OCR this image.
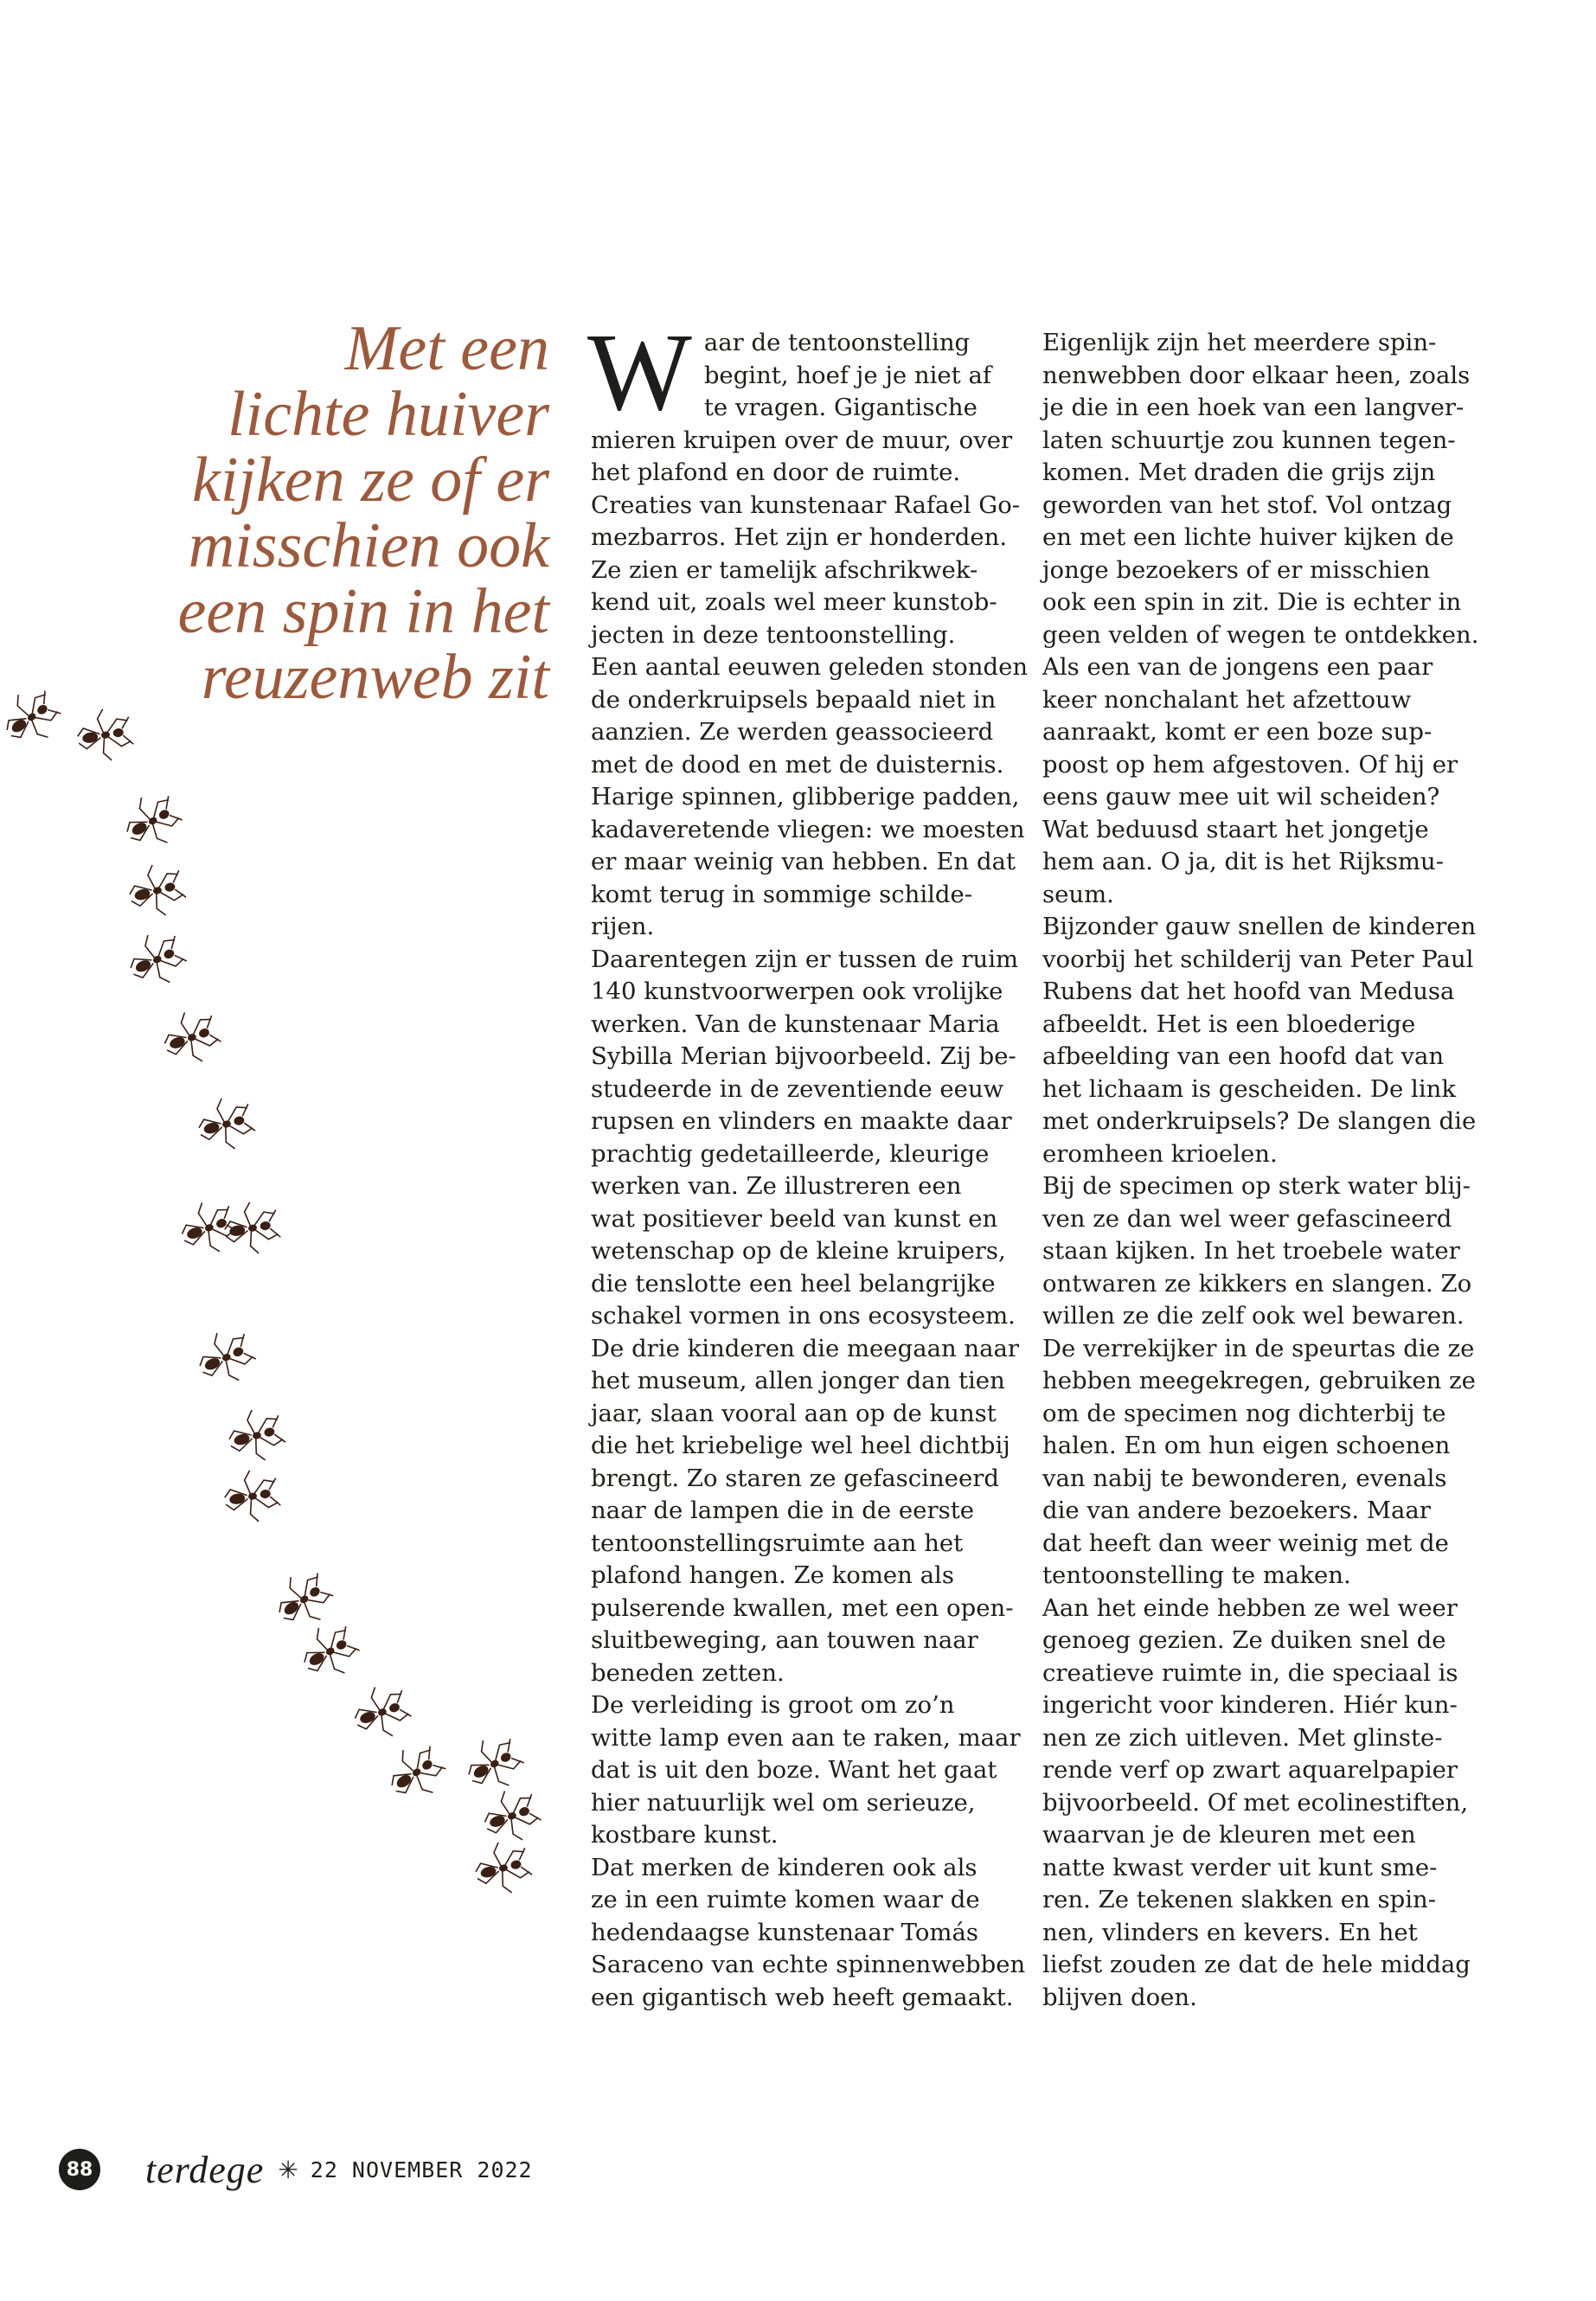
Met een
lichte huiver
kijken ze of er
misschien ook
een spin in het
reuzenweb zit
W aar de tentoonstelling
begint, hoef je je niet af
te vragen. Gigantische
mieren kruipen over de muur, over
het plafond en door de ruimte.
Creaties van kunstenaar Rafael Go-
mezbarros. Het zijn er honderden.
Ze zien er tamelijk afschrikwek-
kend uit, zoals wel meer kunstob-
jecten in deze tentoonstelling.

Een aantal eeuwen geleden stonden
de onderkruipsels bepaald niet in
aanzien. Ze werden geassocieerd
met de dood en met de duisternis.
Harige spinnen, glibberige padden,
kadaveretende vliegen: we moesten
er maar weinig van hebben. En dat
komt terug in sommige schilde-
rijen.

Daarentegen zijn er tussen de ruim
140 kunstvoorwerpen ook vrolijke
werken. Van de kunstenaar Maria
Sybilla Merian bijvoorbeeld. Zij be-
studeerde in de zeventiende eeuw
rupsen en vlinders en maakte daar
prachtig gedetailleerde, kleurige
werken van. Ze illustreren een
wat positiever beeld van kunst en
wetenschap op de kleine kruipers,
die tenslotte een heel belangrijke
schakel vormen in ons ecosysteem.

De drie kinderen die meegaan naar
het museum, allen jonger dan tien
jaar, slaan vooral aan op de kunst
die het kriebelige wel heel dichtbij
brengt. Zo staren ze gefascineerd
naar de lampen die in de eerste
tentoonstellingsruimte aan het
plafond hangen. Ze komen als
pulserende kwallen, met een open-
sluitbeweging, aan touwen naar
beneden zetten.

De verleiding is groot om zo’n
witte lamp even aan te raken, maar
dat is uit den boze. Want het gaat
hier natuurlijk wel om serieuze,
kostbare kunst.

Dat merken de kinderen ook als
ze in een ruimte komen waar de
hedendaagse kunstenaar Tomás
Saraceno van echte spinnenwebben
een gigantisch web heeft gemaakt.

Eigenlijk zijn het meerdere spin-
nenwebben door elkaar heen, zoals
je die in een hoek van een langver-
laten schuurtje zou kunnen tegen-
komen. Met draden die grijs zijn
geworden van het stof. Vol ontzag
en met een lichte huiver kijken de
jonge bezoekers of er misschien
ook een spin in zit. Die is echter in
geen velden of wegen te ontdekken.

Als een van de jongens een paar
keer nonchalant het afzettouw
aanraakt, komt er een boze sup-
poost op hem afgestoven. Of hij er
eens gauw mee uit wil scheiden?
Wat beduusd staart het jongetje
hem aan. O ja, dit is het Rijksmu-
seum.

Bijzonder gauw snellen de kinderen
voorbij het schilderij van Peter Paul
Rubens dat het hoofd van Medusa
afbeeldt. Het is een bloederige
afbeelding van een hoofd dat van
het lichaam is gescheiden. De link
met onderkruipsels? De slangen die
eromheen krioelen.

Bij de specimen op sterk water blij-
ven ze dan wel weer gefascineerd
staan kijken. In het troebele water
ontwaren ze kikkers en slangen. Zo
willen ze die zelf ook wel bewaren.

De verrekijker in de speurtas die ze
hebben meegekregen, gebruiken ze
om de specimen nog dichterbij te
halen. En om hun eigen schoenen
van nabij te bewonderen, evenals
die van andere bezoekers. Maar
dat heeft dan weer weinig met de
tentoonstelling te maken.

Aan het einde hebben ze wel weer
genoeg gezien. Ze duiken snel de
creatieve ruimte in, die speciaal is
ingericht voor kinderen. Hiér kun-
nen ze zich uitleven. Met glinste-
rende verf op zwart aquarelpapier
bijvoorbeeld. Of met ecolinestiften,
waarvan je de kleuren met een
natte kwast verder uit kunt sme-
ren. Ze tekenen slakken en spin-
nen, vlinders en kevers. En het
liefst zouden ze dat de hele middag
blijven doen.

88 terdege ✳ 22 NOVEMBER 2022
